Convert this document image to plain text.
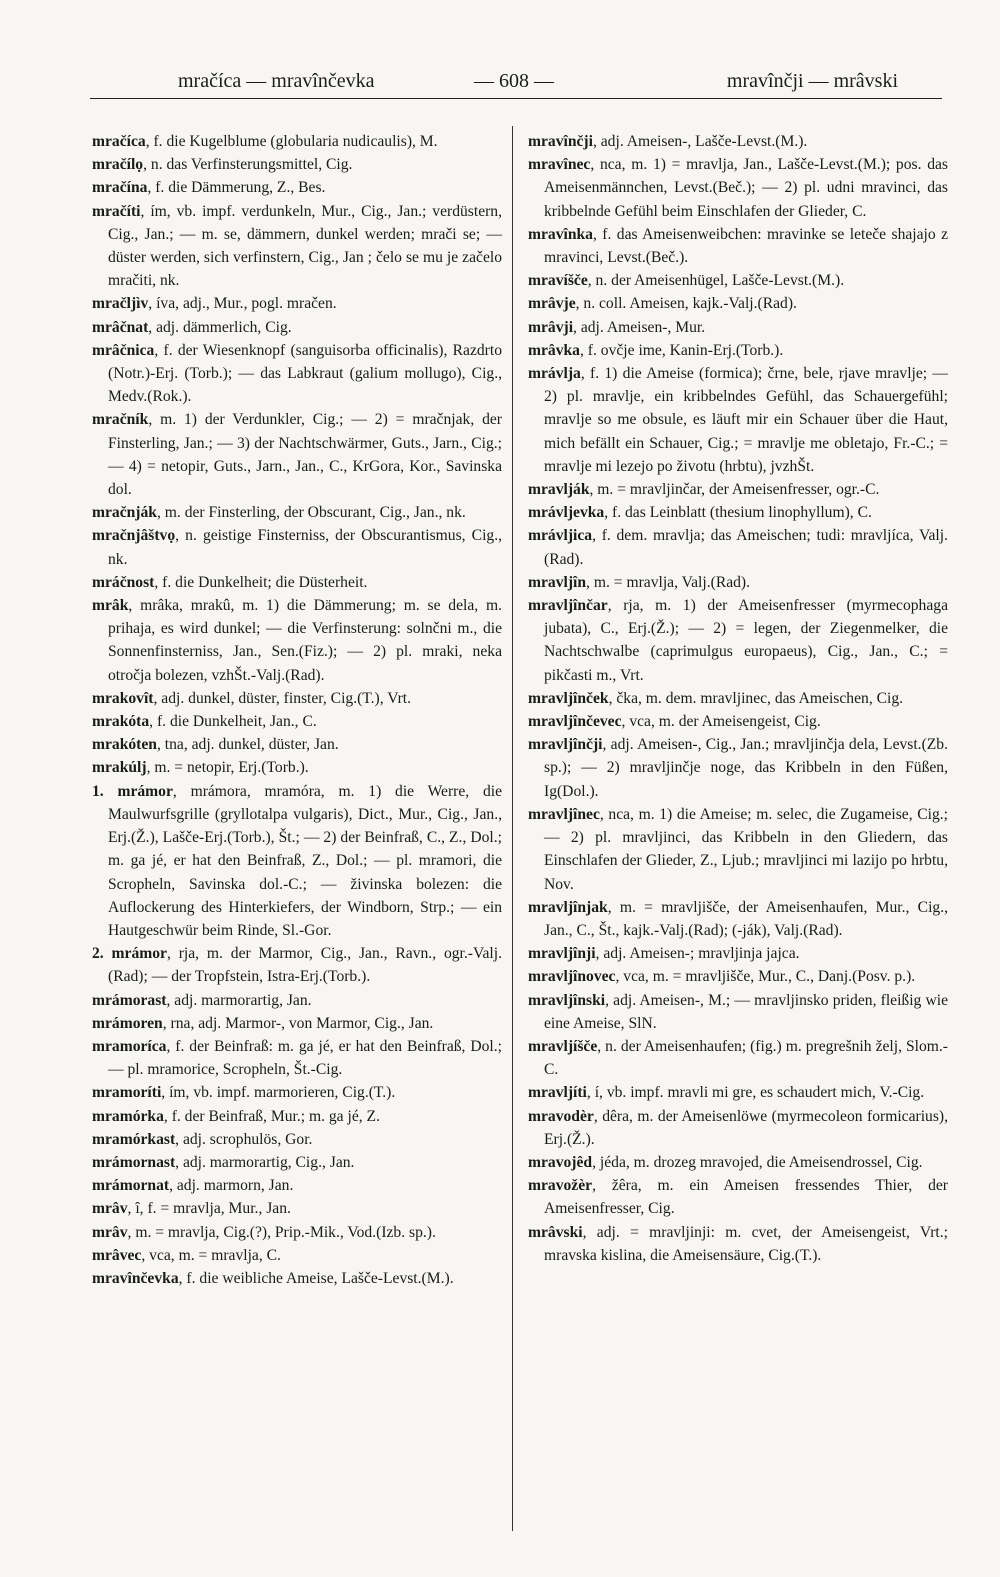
mračíca — mravînčevka	— 608 —	mravînčji — mrâvski

mračíca, f. die Kugelblume (globularia nudicaulis), M.

mračílọ, n. das Verfinsterungsmittel, Cig.

mračína, f. die Dämmerung, Z., Bes.

mračíti, ím, vb. impf. verdunkeln, Mur., Cig., Jan.; verdüstern, Cig., Jan.; — m. se, dämmern, dunkel werden; mrači se; — düster werden, sich verfinstern, Cig., Jan ; čelo se mu je začelo mračiti, nk.

mračljìv, íva, adj., Mur., pogl. mračen.

mrâčnat, adj. dämmerlich, Cig.

mrâčnica, f. der Wiesenknopf (sanguisorba officinalis), Razdrto (Notr.)-Erj. (Torb.); — das Labkraut (galium mollugo), Cig., Medv.(Rok.).

mračník, m. 1) der Verdunkler, Cig.; — 2) = mračnjak, der Finsterling, Jan.; — 3) der Nachtschwärmer, Guts., Jarn., Cig.; — 4) = netopir, Guts., Jarn., Jan., C., KrGora, Kor., Savinska dol.

mračnják, m. der Finsterling, der Obscurant, Cig., Jan., nk.

mračnjâštvọ, n. geistige Finsterniss, der Obscurantismus, Cig., nk.

mráčnost, f. die Dunkelheit; die Düsterheit.

mrâk, mrâka, mrakû, m. 1) die Dämmerung; m. se dela, m. prihaja, es wird dunkel; — die Verfinsterung: solnčni m., die Sonnenfinsterniss, Jan., Sen.(Fiz.); — 2) pl. mraki, neka otročja bolezen, vzhŠt.-Valj.(Rad).

mrakovît, adj. dunkel, düster, finster, Cig.(T.), Vrt.

mrakóta, f. die Dunkelheit, Jan., C.

mrakóten, tna, adj. dunkel, düster, Jan.

mrakúlj, m. = netopir, Erj.(Torb.).

1. mrámor, mrámora, mramóra, m. 1) die Werre, die Maulwurfsgrille (gryllotalpa vulgaris), Dict., Mur., Cig., Jan., Erj.(Ž.), Lašče-Erj.(Torb.), Št.; — 2) der Beinfraß, C., Z., Dol.; m. ga jé, er hat den Beinfraß, Z., Dol.; — pl. mramori, die Scropheln, Savinska dol.-C.; — živinska bolezen: die Auflockerung des Hinterkiefers, der Windborn, Strp.; — ein Hautgeschwür beim Rinde, Sl.-Gor.

2. mrámor, rja, m. der Marmor, Cig., Jan., Ravn., ogr.-Valj.(Rad); — der Tropfstein, Istra-Erj.(Torb.).

mrámorast, adj. marmorartig, Jan.

mrámoren, rna, adj. Marmor-, von Marmor, Cig., Jan.

mramoríca, f. der Beinfraß: m. ga jé, er hat den Beinfraß, Dol.; — pl. mramorice, Scropheln, Št.-Cig.

mramoríti, ím, vb. impf. marmorieren, Cig.(T.).

mramórka, f. der Beinfraß, Mur.; m. ga jé, Z.

mramórkast, adj. scrophulös, Gor.

mrámornast, adj. marmorartig, Cig., Jan.

mrámornat, adj. marmorn, Jan.

mrâv, î, f. = mravlja, Mur., Jan.

mrâv, m. = mravlja, Cig.(?), Prip.-Mik., Vod.(Izb. sp.).

mrâvec, vca, m. = mravlja, C.

mravînčevka, f. die weibliche Ameise, Lašče-Levst.(M.).

mravînčji, adj. Ameisen-, Lašče-Levst.(M.).

mravînec, nca, m. 1) = mravlja, Jan., Lašče-Levst.(M.); pos. das Ameisenmännchen, Levst.(Beč.); — 2) pl. udni mravinci, das kribbelnde Gefühl beim Einschlafen der Glieder, C.

mravînka, f. das Ameisenweibchen: mravinke se leteče shajajo z mravinci, Levst.(Beč.).

mravíšče, n. der Ameisenhügel, Lašče-Levst.(M.).

mrâvje, n. coll. Ameisen, kajk.-Valj.(Rad).

mrâvji, adj. Ameisen-, Mur.

mrâvka, f. ovčje ime, Kanin-Erj.(Torb.).

mrávlja, f. 1) die Ameise (formica); črne, bele, rjave mravlje; — 2) pl. mravlje, ein kribbelndes Gefühl, das Schauergefühl; mravlje so me obsule, es läuft mir ein Schauer über die Haut, mich befällt ein Schauer, Cig.; = mravlje me obletajo, Fr.-C.; = mravlje mi lezejo po životu (hrbtu), jvzhŠt.

mravlják, m. = mravljinčar, der Ameisenfresser, ogr.-C.

mrávljevka, f. das Leinblatt (thesium linophyllum), C.

mrávljica, f. dem. mravlja; das Ameischen; tudi: mravljíca, Valj.(Rad).

mravljîn, m. = mravlja, Valj.(Rad).

mravljînčar, rja, m. 1) der Ameisenfresser (myrmecophaga jubata), C., Erj.(Ž.); — 2) = legen, der Ziegenmelker, die Nachtschwalbe (caprimulgus europaeus), Cig., Jan., C.; = pikčasti m., Vrt.

mravljînček, čka, m. dem. mravljinec, das Ameischen, Cig.

mravljînčevec, vca, m. der Ameisengeist, Cig.

mravljînčji, adj. Ameisen-, Cig., Jan.; mravljinčja dela, Levst.(Zb. sp.); — 2) mravljinčje noge, das Kribbeln in den Füßen, Ig(Dol.).

mravljînec, nca, m. 1) die Ameise; m. selec, die Zugameise, Cig.; — 2) pl. mravljinci, das Kribbeln in den Gliedern, das Einschlafen der Glieder, Z., Ljub.; mravljinci mi lazijo po hrbtu, Nov.

mravljînjak, m. = mravljišče, der Ameisenhaufen, Mur., Cig., Jan., C., Št., kajk.-Valj.(Rad); (-ják), Valj.(Rad).

mravljînji, adj. Ameisen-; mravljinja jajca.

mravljînovec, vca, m. = mravljišče, Mur., C., Danj.(Posv. p.).

mravljînski, adj. Ameisen-, M.; — mravljinsko priden, fleißig wie eine Ameise, SlN.

mravljíšče, n. der Ameisenhaufen; (fig.) m. pregrešnih želj, Slom.-C.

mravljíti, í, vb. impf. mravli mi gre, es schaudert mich, V.-Cig.

mravodèr, dêra, m. der Ameisenlöwe (myrmecoleon formicarius), Erj.(Ž.).

mravojêd, jéda, m. drozeg mravojed, die Ameisendrossel, Cig.

mravožèr, žêra, m. ein Ameisen fressendes Thier, der Ameisenfresser, Cig.

mrâvski, adj. = mravljinji: m. cvet, der Ameisengeist, Vrt.; mravska kislina, die Ameisensäure, Cig.(T.).
